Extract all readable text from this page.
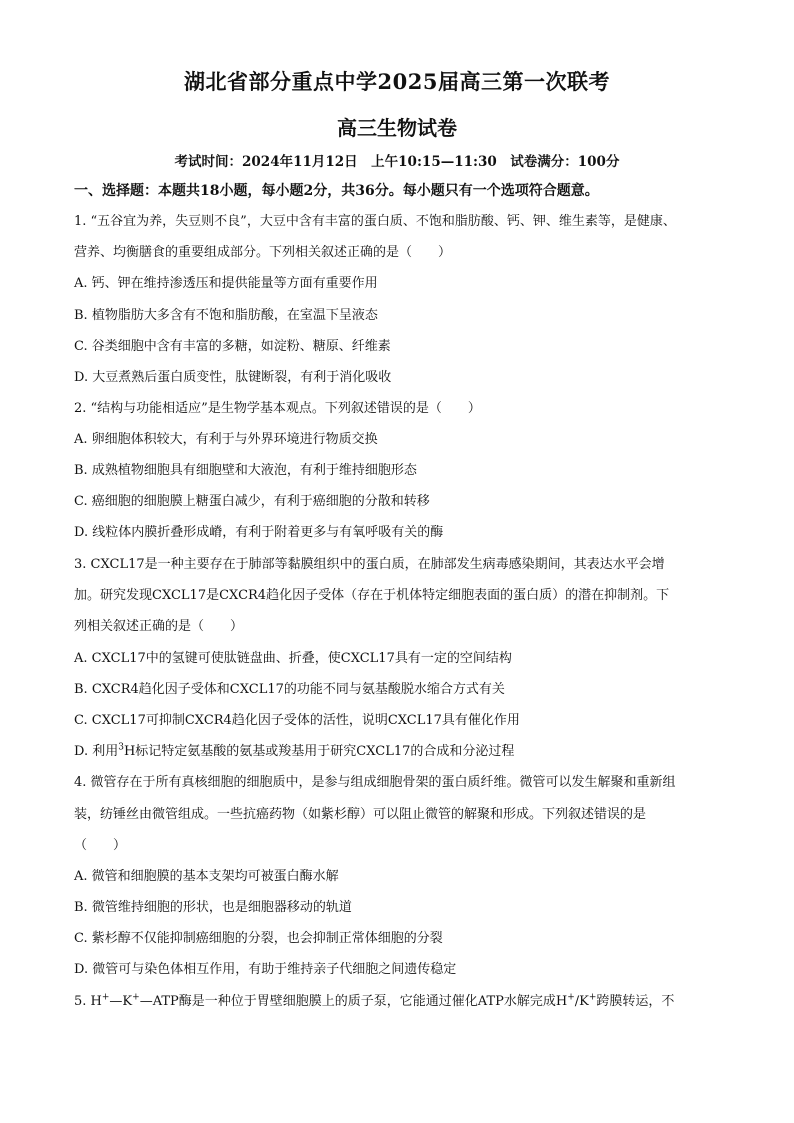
湖北省部分重点中学2025届高三第一次联考
高三生物试卷
考试时间：2024年11月12日　上午10:15—11:30　试卷满分：100分
一、选择题：本题共18小题，每小题2分，共36分。每小题只有一个选项符合题意。
1. “五谷宜为养，失豆则不良”，大豆中含有丰富的蛋白质、不饱和脂肪酸、钙、钾、维生素等，是健康、
营养、均衡膳食的重要组成部分。下列相关叙述正确的是（　　）
A. 钙、钾在维持渗透压和提供能量等方面有重要作用
B. 植物脂肪大多含有不饱和脂肪酸，在室温下呈液态
C. 谷类细胞中含有丰富的多糖，如淀粉、糖原、纤维素
D. 大豆煮熟后蛋白质变性，肽键断裂，有利于消化吸收
2. “结构与功能相适应”是生物学基本观点。下列叙述错误的是（　　）
A. 卵细胞体积较大，有利于与外界环境进行物质交换
B. 成熟植物细胞具有细胞壁和大液泡，有利于维持细胞形态
C. 癌细胞的细胞膜上糖蛋白减少，有利于癌细胞的分散和转移
D. 线粒体内膜折叠形成嵴，有利于附着更多与有氧呼吸有关的酶
3. CXCL17是一种主要存在于肺部等黏膜组织中的蛋白质，在肺部发生病毒感染期间，其表达水平会增
加。研究发现CXCL17是CXCR4趋化因子受体（存在于机体特定细胞表面的蛋白质）的潜在抑制剂。下
列相关叙述正确的是（　　）
A. CXCL17中的氢键可使肽链盘曲、折叠，使CXCL17具有一定的空间结构
B. CXCR4趋化因子受体和CXCL17的功能不同与氨基酸脱水缩合方式有关
C. CXCL17可抑制CXCR4趋化因子受体的活性，说明CXCL17具有催化作用
D. 利用$^3$H标记特定氨基酸的氨基或羧基用于研究CXCL17的合成和分泌过程
4. 微管存在于所有真核细胞的细胞质中，是参与组成细胞骨架的蛋白质纤维。微管可以发生解聚和重新组
装，纺锤丝由微管组成。一些抗癌药物（如紫杉醇）可以阻止微管的解聚和形成。下列叙述错误的是
（　　）
A. 微管和细胞膜的基本支架均可被蛋白酶水解
B. 微管维持细胞的形状，也是细胞器移动的轨道
C. 紫杉醇不仅能抑制癌细胞的分裂，也会抑制正常体细胞的分裂
D. 微管可与染色体相互作用，有助于维持亲子代细胞之间遗传稳定
5. H+—K+—ATP酶是一种位于胃壁细胞膜上的质子泵，它能通过催化ATP水解完成H+/K+跨膜转运，不
